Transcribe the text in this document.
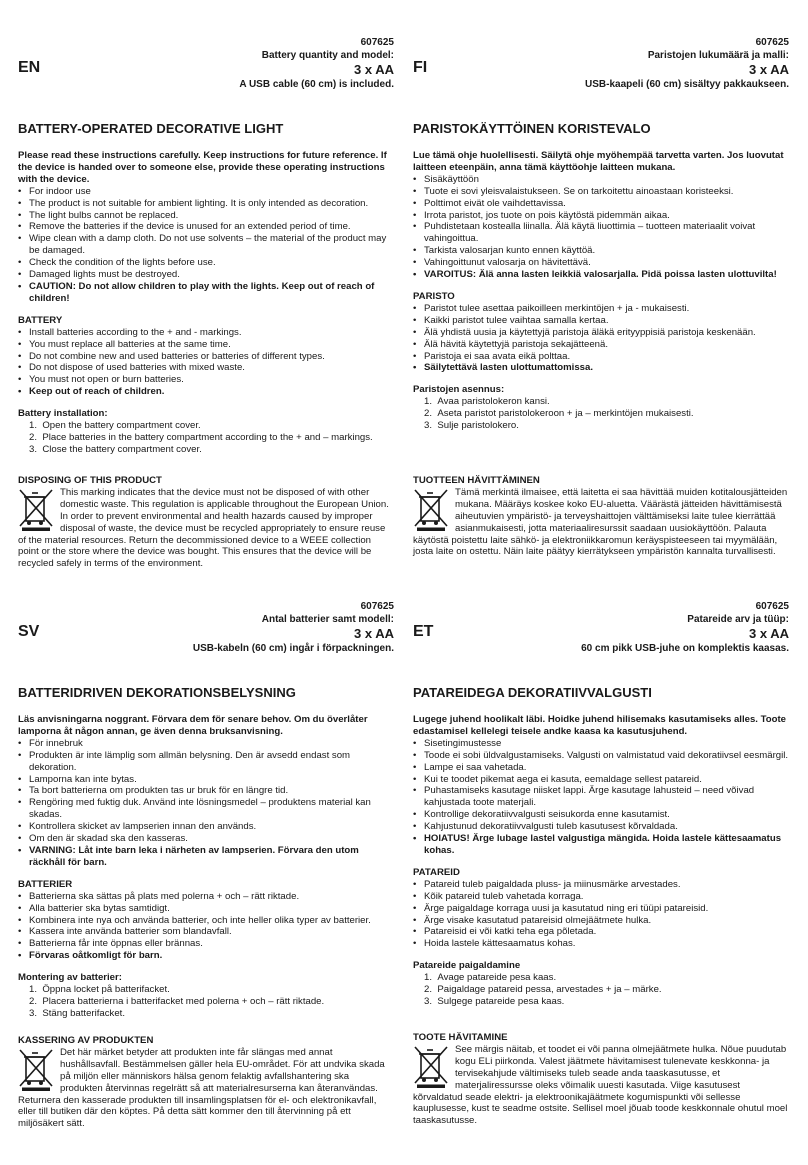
EN
607625
Battery quantity and model:
3 x AA
A USB cable (60 cm) is included.
BATTERY-OPERATED DECORATIVE LIGHT

Please read these instructions carefully. Keep instructions for future reference. If the device is handed over to someone else, provide these operating instructions with the device.

• For indoor use
• The product is not suitable for ambient lighting. It is only intended as decoration.
• The light bulbs cannot be replaced.
• Remove the batteries if the device is unused for an extended period of time.
• Wipe clean with a damp cloth. Do not use solvents – the material of the product may be damaged.
• Check the condition of the lights before use.
• Damaged lights must be destroyed.
• CAUTION: Do not allow children to play with the lights. Keep out of reach of children!
BATTERY
• Install batteries according to the + and - markings.
• You must replace all batteries at the same time.
• Do not combine new and used batteries or batteries of different types.
• Do not dispose of used batteries with mixed waste.
• You must not open or burn batteries.
• Keep out of reach of children.
Battery installation:
1.  Open the battery compartment cover.
2.  Place batteries in the battery compartment according to the + and – markings.
3.  Close the battery compartment cover.

DISPOSING OF THIS PRODUCT

This marking indicates that the device must not be disposed of with other domestic waste. This regulation is applicable throughout the European Union. In order to prevent environmental and health hazards caused by improper disposal of waste, the device must be recycled appropriately to ensure reuse of the material resources. Return the decommissioned device to a WEEE collection point or the store where the device was bought. This ensures that the device will be recycled safely in terms of the environment.
FI
607625
Paristojen lukumäärä ja malli:
3 x AA
USB-kaapeli (60 cm) sisältyy pakkaukseen.
PARISTOKÄYTTÖINEN KORISTEVALO

Lue tämä ohje huolellisesti. Säilytä ohje myöhempää tarvetta varten. Jos luovutat laitteen eteenpäin, anna tämä käyttöohje laitteen mukana.

• Sisäkäyttöön
• Tuote ei sovi yleisvalaistukseen. Se on tarkoitettu ainoastaan koristeeksi.
• Polttimot eivät ole vaihdettavissa.
• Irrota paristot, jos tuote on pois käytöstä pidemmän aikaa.
• Puhdistetaan kostealla liinalla. Älä käytä liuottimia – tuotteen materiaalit voivat vahingoittua.
• Tarkista valosarjan kunto ennen käyttöä.
• Vahingoittunut valosarja on hävitettävä.
• VAROITUS: Älä anna lasten leikkiä valosarjalla. Pidä poissa lasten ulottuvilta!
PARISTO
• Paristot tulee asettaa paikoilleen merkintöjen + ja - mukaisesti.
• Kaikki paristot tulee vaihtaa samalla kertaa.
• Älä yhdistä uusia ja käytettyjä paristoja äläkä erityyppisiä paristoja keskenään.
• Älä hävitä käytettyjä paristoja sekajätteenä.
• Paristoja ei saa avata eikä polttaa.
• Säilytettävä lasten ulottumattomissa.
Paristojen asennus:
1.  Avaa paristolokeron kansi.
2.  Aseta paristot paristolokeroon + ja – merkintöjen mukaisesti.
3.  Sulje paristolokero.

TUOTTEEN HÄVITTÄMINEN

Tämä merkintä ilmaisee, että laitetta ei saa hävittää muiden kotitalousjätteiden mukana. Määräys koskee koko EU-aluetta. Väärästä jätteiden hävittämisestä aiheutuvien ympäristö- ja terveyshaittojen välttämiseksi laite tulee kierrättää asianmukaisesti, jotta materiaaliresurssit saadaan uusiokäyttöön. Palauta käytöstä poistettu laite sähkö- ja elektroniikkaromun keräyspisteeseen tai myymälään, josta laite on ostettu. Näin laite päätyy kierrätykseen ympäristön kannalta turvallisesti.
SV
607625
Antal batterier samt modell:
3 x AA
USB-kabeln (60 cm) ingår i förpackningen.
BATTERIDRIVEN DEKORATIONSBELYSNING

Läs anvisningarna noggrant. Förvara dem för senare behov. Om du överlåter lamporna åt någon annan, ge även denna bruksanvisning.

• För innebruk
• Produkten är inte lämplig som allmän belysning. Den är avsedd endast som dekoration.
• Lamporna kan inte bytas.
• Ta bort batterierna om produkten tas ur bruk för en längre tid.
• Rengöring med fuktig duk. Använd inte lösningsmedel – produktens material kan skadas.
• Kontrollera skicket av lampserien innan den används.
• Om den är skadad ska den kasseras.
• VARNING: Låt inte barn leka i närheten av lampserien. Förvara den utom räckhåll för barn.
BATTERIER
• Batterierna ska sättas på plats med polerna + och – rätt riktade.
• Alla batterier ska bytas samtidigt.
• Kombinera inte nya och använda batterier, och inte heller olika typer av batterier.
• Kassera inte använda batterier som blandavfall.
• Batterierna får inte öppnas eller brännas.
• Förvaras oåtkomligt för barn.
Montering av batterier:
1.  Öppna locket på batterifacket.
2.  Placera batterierna i batterifacket med polerna + och – rätt riktade.
3.  Stäng batterifacket.

KASSERING AV PRODUKTEN

Det här märket betyder att produkten inte får slängas med annat hushållsavfall. Bestämmelsen gäller hela EU-området. För att undvika skada på miljön eller människors hälsa genom felaktig avfallshantering ska produkten återvinnas regelrätt så att materialresurserna kan återanvändas. Returnera den kasserade produkten till insamlingsplatsen för el- och elektronikavfall, eller till butiken där den köptes. På detta sätt kommer den till återvinning på ett miljösäkert sätt.
ET
607625
Patareide arv ja tüüp:
3 x AA
60 cm pikk USB-juhe on komplektis kaasas.
PATAREIDEGA DEKORATIIVVALGUSTI

Lugege juhend hoolikalt läbi. Hoidke juhend hilisemaks kasutamiseks alles. Toote edastamisel kellelegi teisele andke kaasa ka kasutusjuhend.

• Sisetingimustesse
• Toode ei sobi üldvalgustamiseks. Valgusti on valmistatud vaid dekoratiivsel eesmärgil.
• Lampe ei saa vahetada.
• Kui te toodet pikemat aega ei kasuta, eemaldage sellest patareid.
• Puhastamiseks kasutage niisket lappi. Ärge kasutage lahusteid – need võivad kahjustada toote materjali.
• Kontrollige dekoratiivvalgusti seisukorda enne kasutamist.
• Kahjustunud dekoratiivvalgusti tuleb kasutusest kõrvaldada.
• HOIATUS! Ärge lubage lastel valgustiga mängida. Hoida lastele kättesaamatus kohas.
PATAREID
• Patareid tuleb paigaldada pluss- ja miinusmärke arvestades.
• Kõik patareid tuleb vahetada korraga.
• Ärge paigaldage korraga uusi ja kasutatud ning eri tüüpi patareisid.
• Ärge visake kasutatud patareisid olmejäätmete hulka.
• Patareisid ei või katki teha ega põletada.
• Hoida lastele kättesaamatus kohas.
Patareide paigaldamine
1.  Avage patareide pesa kaas.
2.  Paigaldage patareid pessa, arvestades + ja – märke.
3.  Sulgege patareide pesa kaas.

TOOTE HÄVITAMINE

See märgis näitab, et toodet ei või panna olmejäätmete hulka. Nõue puudutab kogu ELi piirkonda. Valest jäätmete hävitamisest tulenevate keskkonna- ja tervisekahjude vältimiseks tuleb seade anda taaskasutusse, et materjaliressursse oleks võimalik uuesti kasutada. Viige kasutusest kõrvaldatud seade elektri- ja elektroonikajäätmete kogumispunkti või sellesse kauplusesse, kust te seadme ostsite. Sellisel moel jõuab toode keskkonnale ohutul moel taaskasutusse.
